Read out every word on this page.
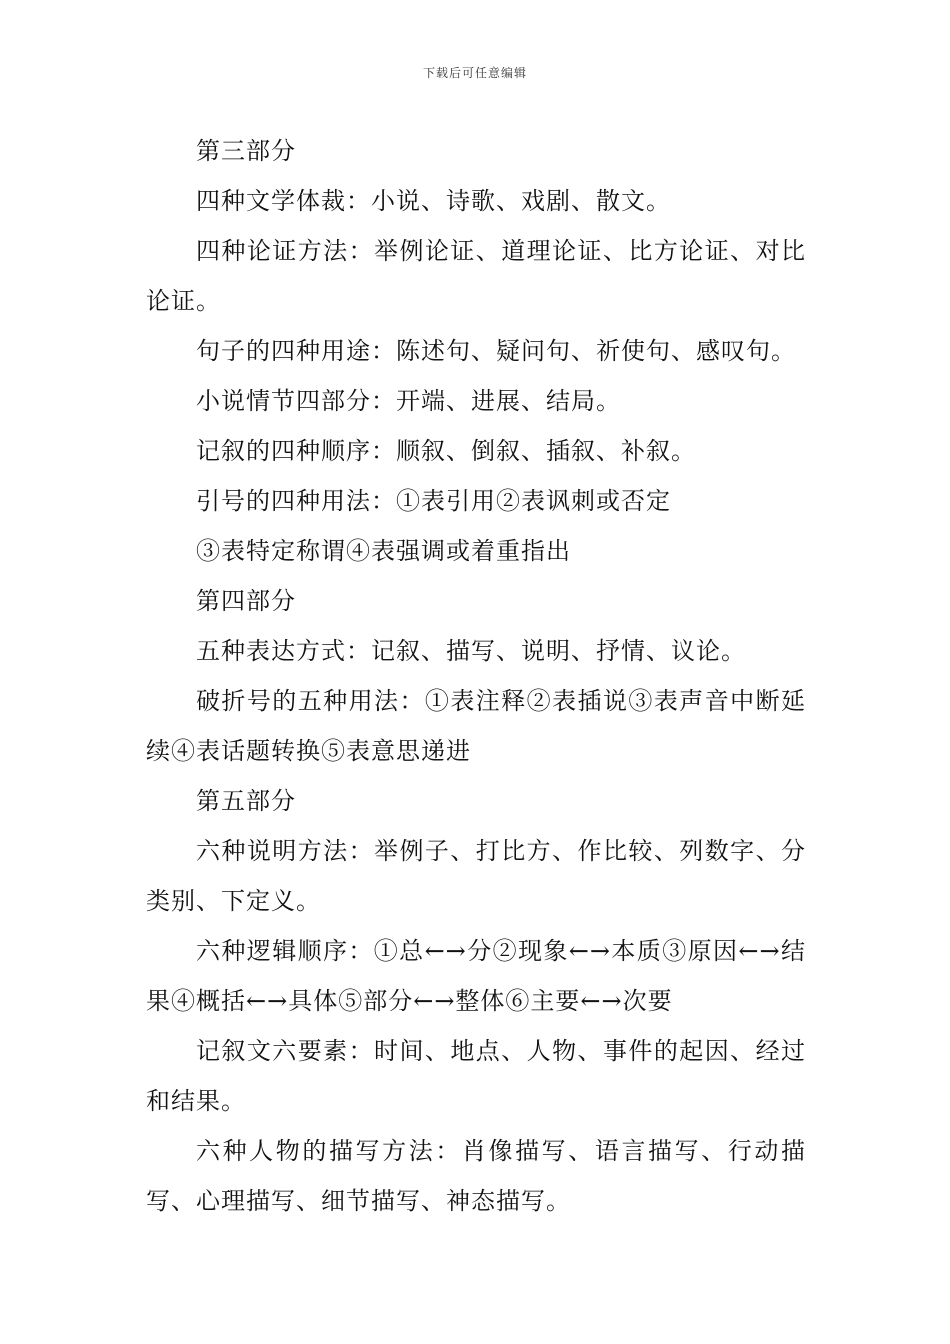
下载后可任意编辑

第三部分

四种文学体裁：小说、诗歌、戏剧、散文。

四种论证方法：举例论证、道理论证、比方论证、对比论证。

句子的四种用途：陈述句、疑问句、祈使句、感叹句。

小说情节四部分：开端、进展、结局。

记叙的四种顺序：顺叙、倒叙、插叙、补叙。

引号的四种用法：①表引用②表讽刺或否定

③表特定称谓④表强调或着重指出

第四部分

五种表达方式：记叙、描写、说明、抒情、议论。

破折号的五种用法：①表注释②表插说③表声音中断延续④表话题转换⑤表意思递进

第五部分

六种说明方法：举例子、打比方、作比较、列数字、分类别、下定义。

六种逻辑顺序：①总←→分②现象←→本质③原因←→结果④概括←→具体⑤部分←→整体⑥主要←→次要

记叙文六要素：时间、地点、人物、事件的起因、经过和结果。

六种人物的描写方法：肖像描写、语言描写、行动描写、心理描写、细节描写、神态描写。
